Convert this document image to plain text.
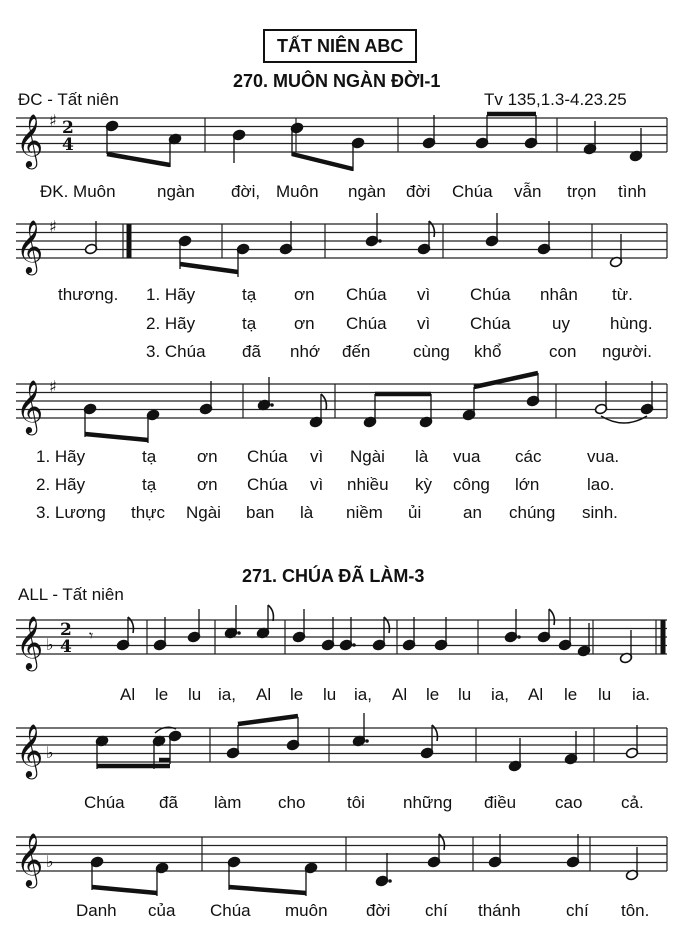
TẤT NIÊN ABC
270. MUÔN NGÀN ĐỜI-1
ĐC - Tất niên	Tv 135,1.3-4.23.25
𝄞 ♯ 2
4
𝄞 ♯
𝄞 ♯
𝄞 ♭
2
4
𝄾
𝄞 ♭
𝄞 ♭
ĐK. Muôn ngàn đời, Muôn ngàn đời Chúa vẫn trọn tình
thương. 1. Hãy	tạ ơn Chúa vì Chúa nhân từ.
2. Hãy	tạ ơn Chúa vì Chúa uy hùng.
3. Chúa đã nhớ đến	cùng khổ	con người.
1. Hãy	tạ ơn Chúa vì Ngài là vua các	vua.
2. Hãy	tạ ơn Chúa vì nhiều kỳ công lớn	lao.
3. Lương thực Ngài ban là niềm ủi an chúng sinh.
271. CHÚA ĐÃ LÀM-3
ALL - Tất niên
Al le lu ia, Al le lu ia, Al le lu ia, Al le lu ia.
Chúa đã làm cho tôi những điều cao cả.
Danh của Chúa muôn đời chí thánh	chí tôn.
